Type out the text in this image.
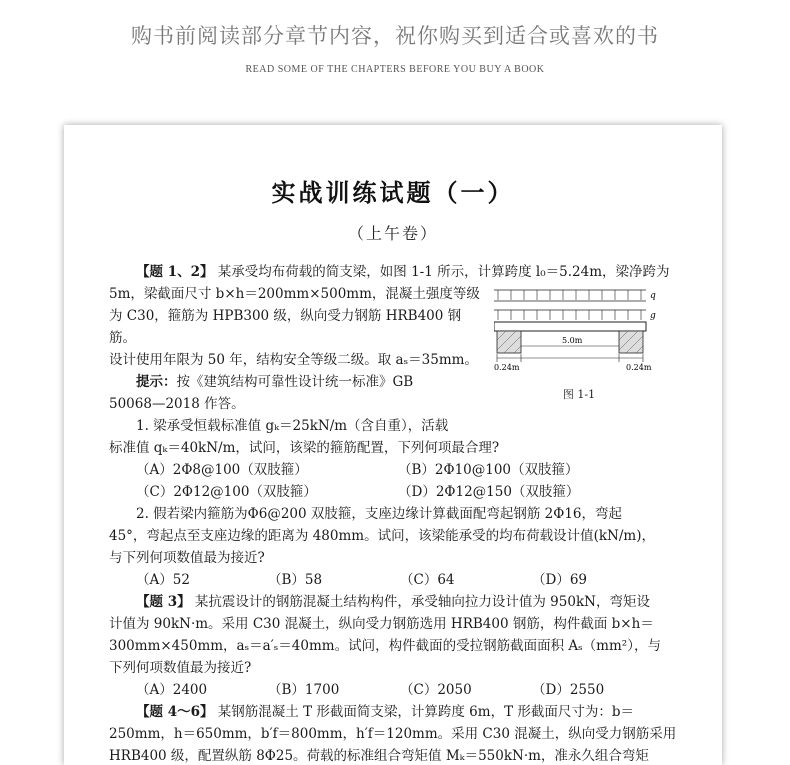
购书前阅读部分章节内容，祝你购买到适合或喜欢的书
READ SOME OF THE CHAPTERS BEFORE YOU BUY A BOOK
实战训练试题（一）
（上午卷）
q
g
5.0m
0.24m	0.24m
图 1-1

【题 1、2】 某承受均布荷载的简支梁，如图 1-1 所示，计算跨度 l₀＝5.24m，梁净跨为

5m，梁截面尺寸 b×h＝200mm×500mm，混凝土强度等级

为 C30，箍筋为 HPB300 级，纵向受力钢筋 HRB400 钢筋。

设计使用年限为 50 年，结构安全等级二级。取 aₛ＝35mm。

提示：按《建筑结构可靠性设计统一标准》GB

50068—2018 作答。

1. 梁承受恒载标准值 gₖ＝25kN/m（含自重），活载

标准值 qₖ＝40kN/m，试问，该梁的箍筋配置，下列何项最合理?

（A）2Φ8@100（双肢箍）	（B）2Φ10@100（双肢箍）
（C）2Φ12@100（双肢箍）	（D）2Φ12@150（双肢箍）

2. 假若梁内箍筋为Φ6@200 双肢箍，支座边缘计算截面配弯起钢筋 2Φ16，弯起

45°，弯起点至支座边缘的距离为 480mm。试问，该梁能承受的均布荷载设计值(kN/m)，

与下列何项数值最为接近?

（A）52	（B）58	（C）64	（D）69

【题 3】 某抗震设计的钢筋混凝土结构构件，承受轴向拉力设计值为 950kN，弯矩设

计值为 90kN·m。采用 C30 混凝土，纵向受力钢筋选用 HRB400 钢筋，构件截面 b×h＝

300mm×450mm，aₛ＝a′ₛ＝40mm。试问，构件截面的受拉钢筋截面面积 Aₛ（mm²），与

下列何项数值最为接近?

（A）2400	（B）1700	（C）2050	（D）2550

【题 4～6】 某钢筋混凝土 T 形截面简支梁，计算跨度 6m，T 形截面尺寸为：b＝

250mm，h＝650mm，b′f＝800mm，h′f＝120mm。采用 C30 混凝土，纵向受力钢筋采用

HRB400 级，配置纵筋 8Φ25。荷载的标准组合弯矩值 Mₖ＝550kN·m，准永久组合弯矩
